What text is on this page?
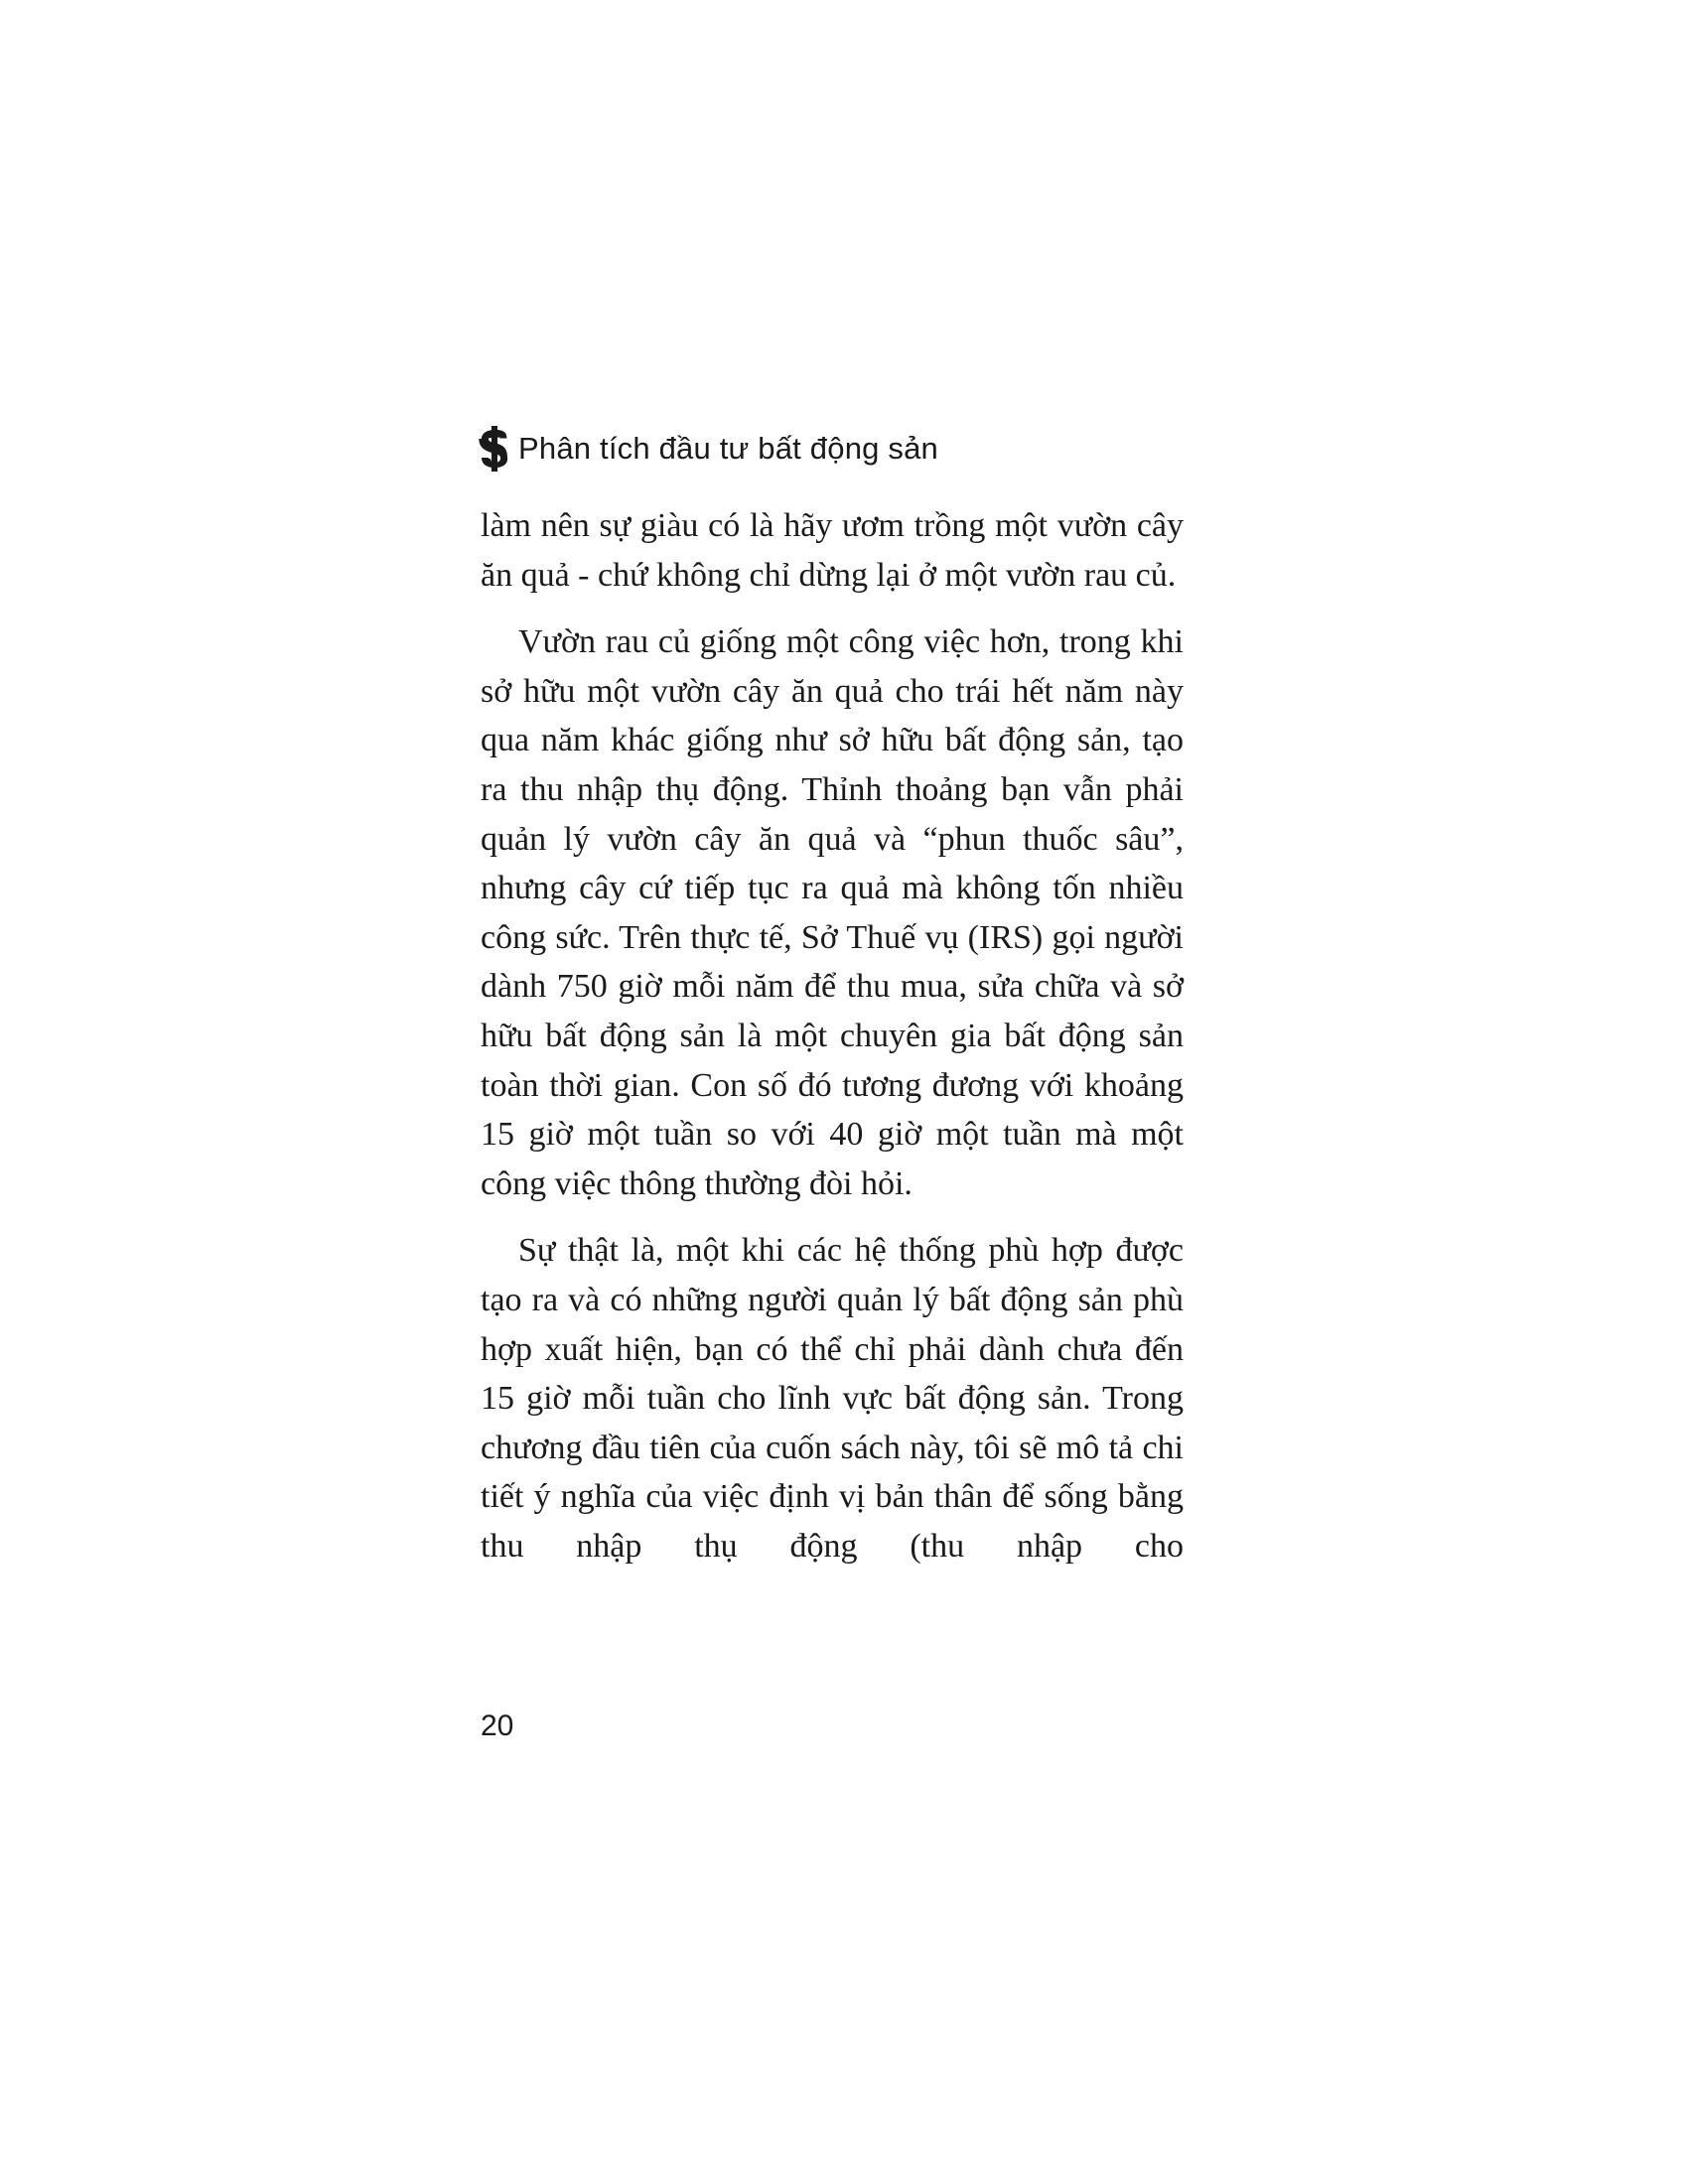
Phân tích đầu tư bất động sản

làm nên sự giàu có là hãy ươm trồng một vườn cây ăn quả - chứ không chỉ dừng lại ở một vườn rau củ.

Vườn rau củ giống một công việc hơn, trong khi sở hữu một vườn cây ăn quả cho trái hết năm này qua năm khác giống như sở hữu bất động sản, tạo ra thu nhập thụ động. Thỉnh thoảng bạn vẫn phải quản lý vườn cây ăn quả và “phun thuốc sâu”, nhưng cây cứ tiếp tục ra quả mà không tốn nhiều công sức. Trên thực tế, Sở Thuế vụ (IRS) gọi người dành 750 giờ mỗi năm để thu mua, sửa chữa và sở hữu bất động sản là một chuyên gia bất động sản toàn thời gian. Con số đó tương đương với khoảng 15 giờ một tuần so với 40 giờ một tuần mà một công việc thông thường đòi hỏi.

Sự thật là, một khi các hệ thống phù hợp được tạo ra và có những người quản lý bất động sản phù hợp xuất hiện, bạn có thể chỉ phải dành chưa đến 15 giờ mỗi tuần cho lĩnh vực bất động sản. Trong chương đầu tiên của cuốn sách này, tôi sẽ mô tả chi tiết ý nghĩa của việc định vị bản thân để sống bằng thu nhập thụ động (thu nhập cho

20
